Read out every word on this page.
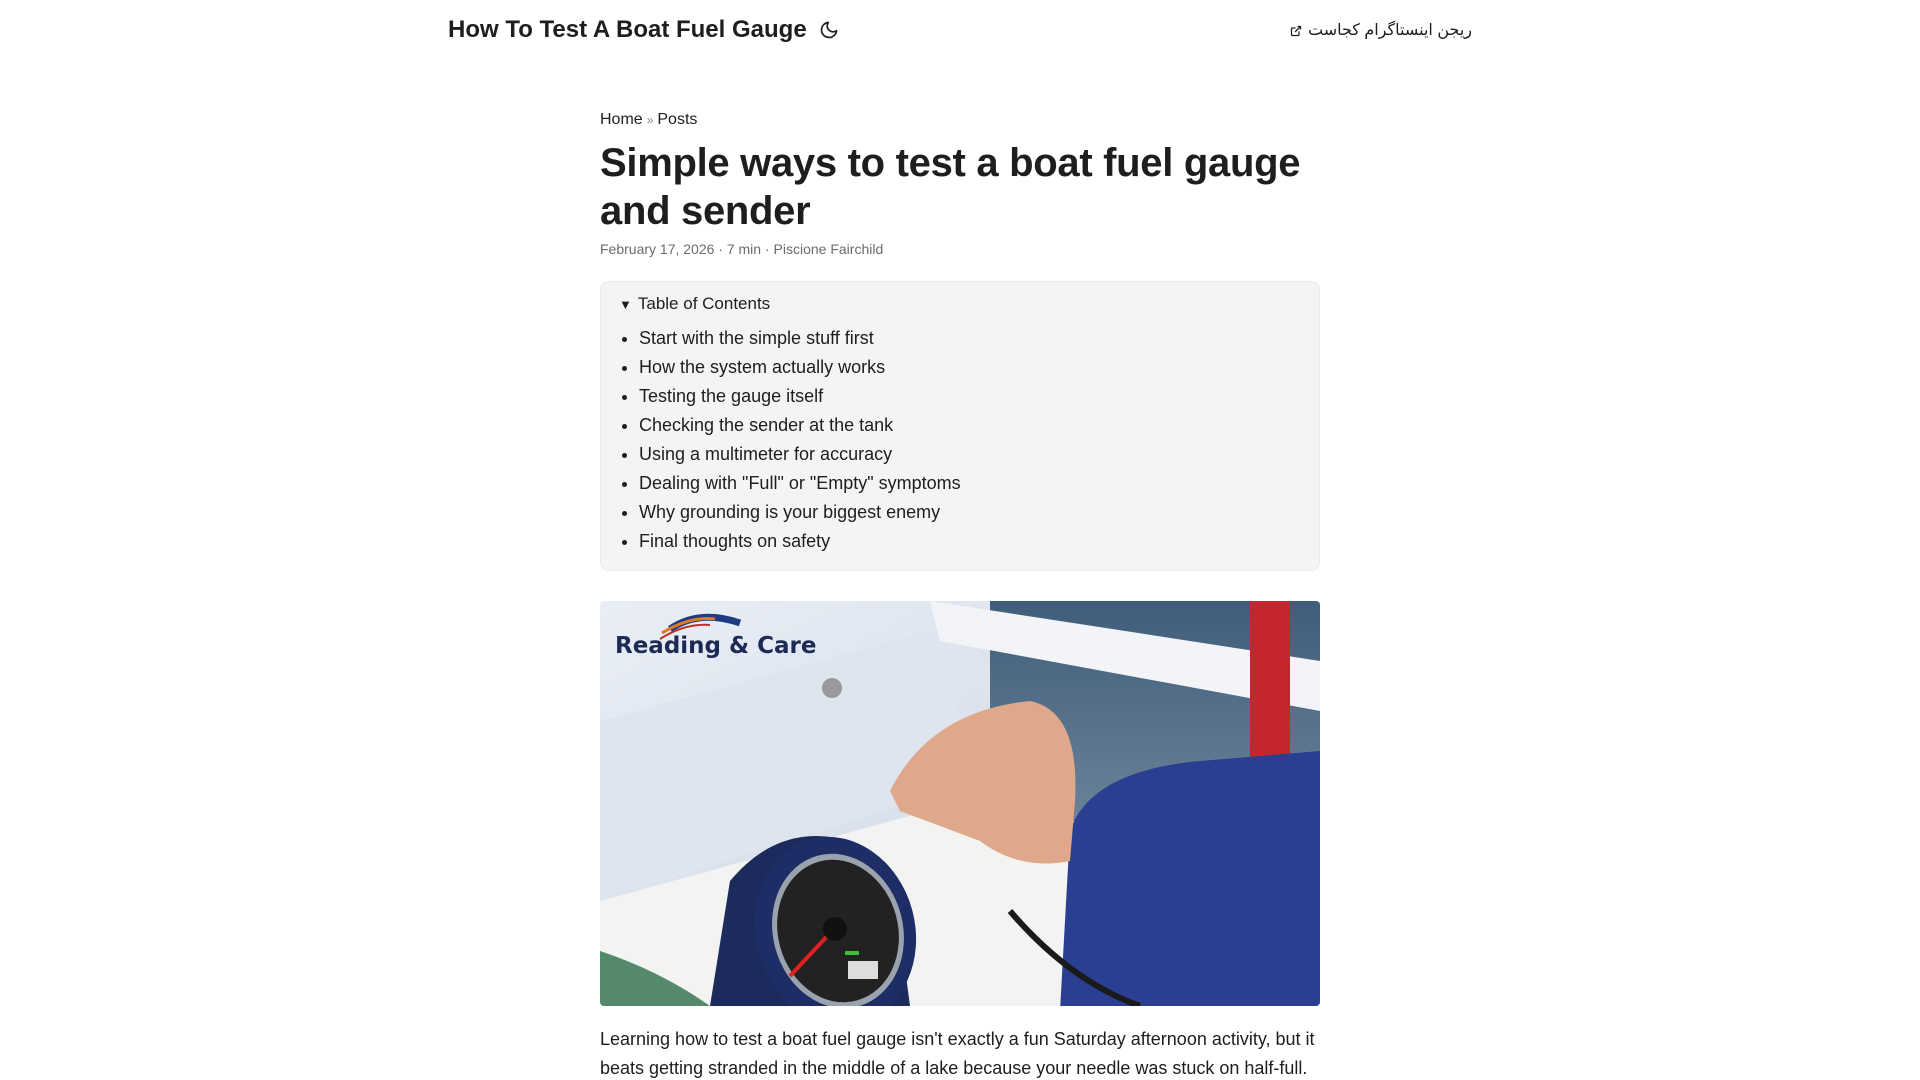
How To Test A Boat Fuel Gauge	ریجن اینستاگرام کجاست
Home » Posts
Simple ways to test a boat fuel gauge and sender
February 17, 2026 · 7 min · Piscione Fairchild
▼ Table of Contents
• Start with the simple stuff first
• How the system actually works
• Testing the gauge itself
• Checking the sender at the tank
• Using a multimeter for accuracy
• Dealing with "Full" or "Empty" symptoms
• Why grounding is your biggest enemy
• Final thoughts on safety
Reading & Care

Learning how to test a boat fuel gauge isn't exactly a fun Saturday afternoon activity, but it beats getting stranded in the middle of a lake because your needle was stuck on half-full.
